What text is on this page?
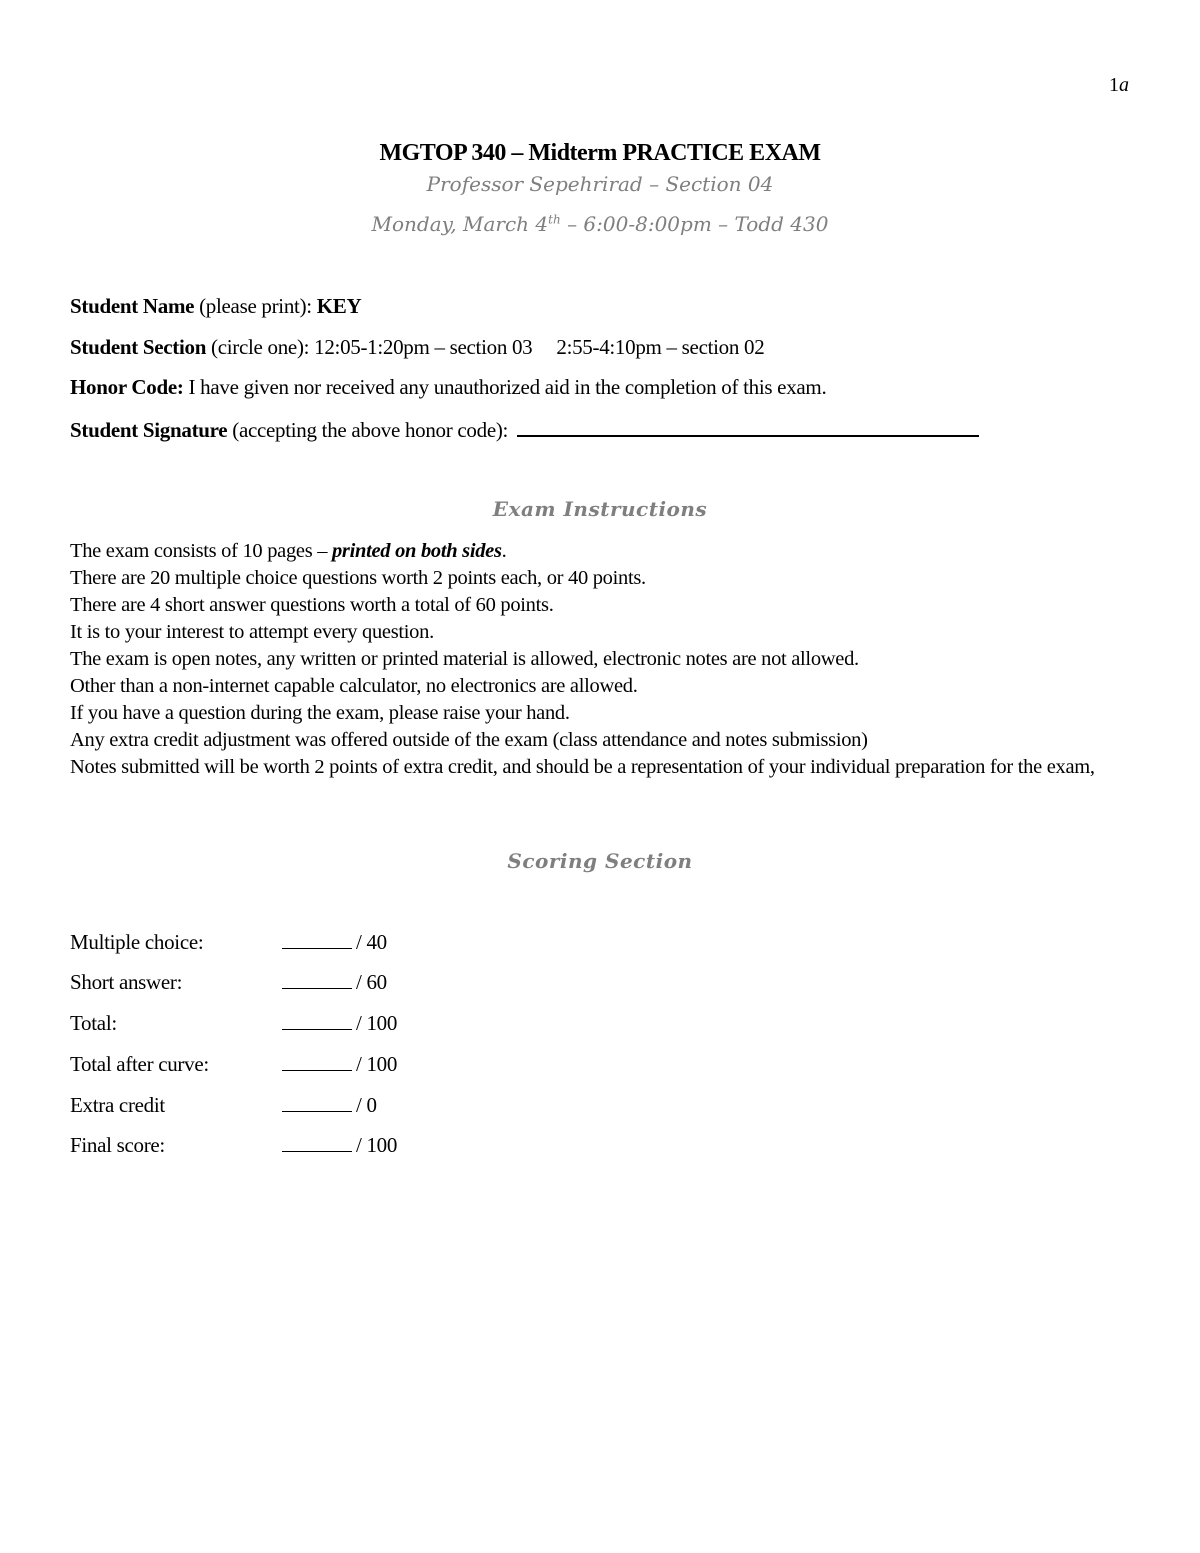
1a
MGTOP 340 – Midterm PRACTICE EXAM
Professor Sepehrirad – Section 04
Monday, March 4th – 6:00-8:00pm – Todd 430
Student Name (please print): KEY
Student Section (circle one): 12:05-1:20pm – section 03 2:55-4:10pm – section 02
Honor Code: I have given nor received any unauthorized aid in the completion of this exam.
Student Signature (accepting the above honor code):
Exam Instructions
The exam consists of 10 pages – printed on both sides.
There are 20 multiple choice questions worth 2 points each, or 40 points.
There are 4 short answer questions worth a total of 60 points.
It is to your interest to attempt every question.
The exam is open notes, any written or printed material is allowed, electronic notes are not allowed.
Other than a non-internet capable calculator, no electronics are allowed.
If you have a question during the exam, please raise your hand.
Any extra credit adjustment was offered outside of the exam (class attendance and notes submission)
Notes submitted will be worth 2 points of extra credit, and should be a representation of your individual preparation for the exam,
Scoring Section
Multiple choice:	/ 40
Short answer:	/ 60
Total:	/ 100
Total after curve:	/ 100
Extra credit	/ 0
Final score:	/ 100
